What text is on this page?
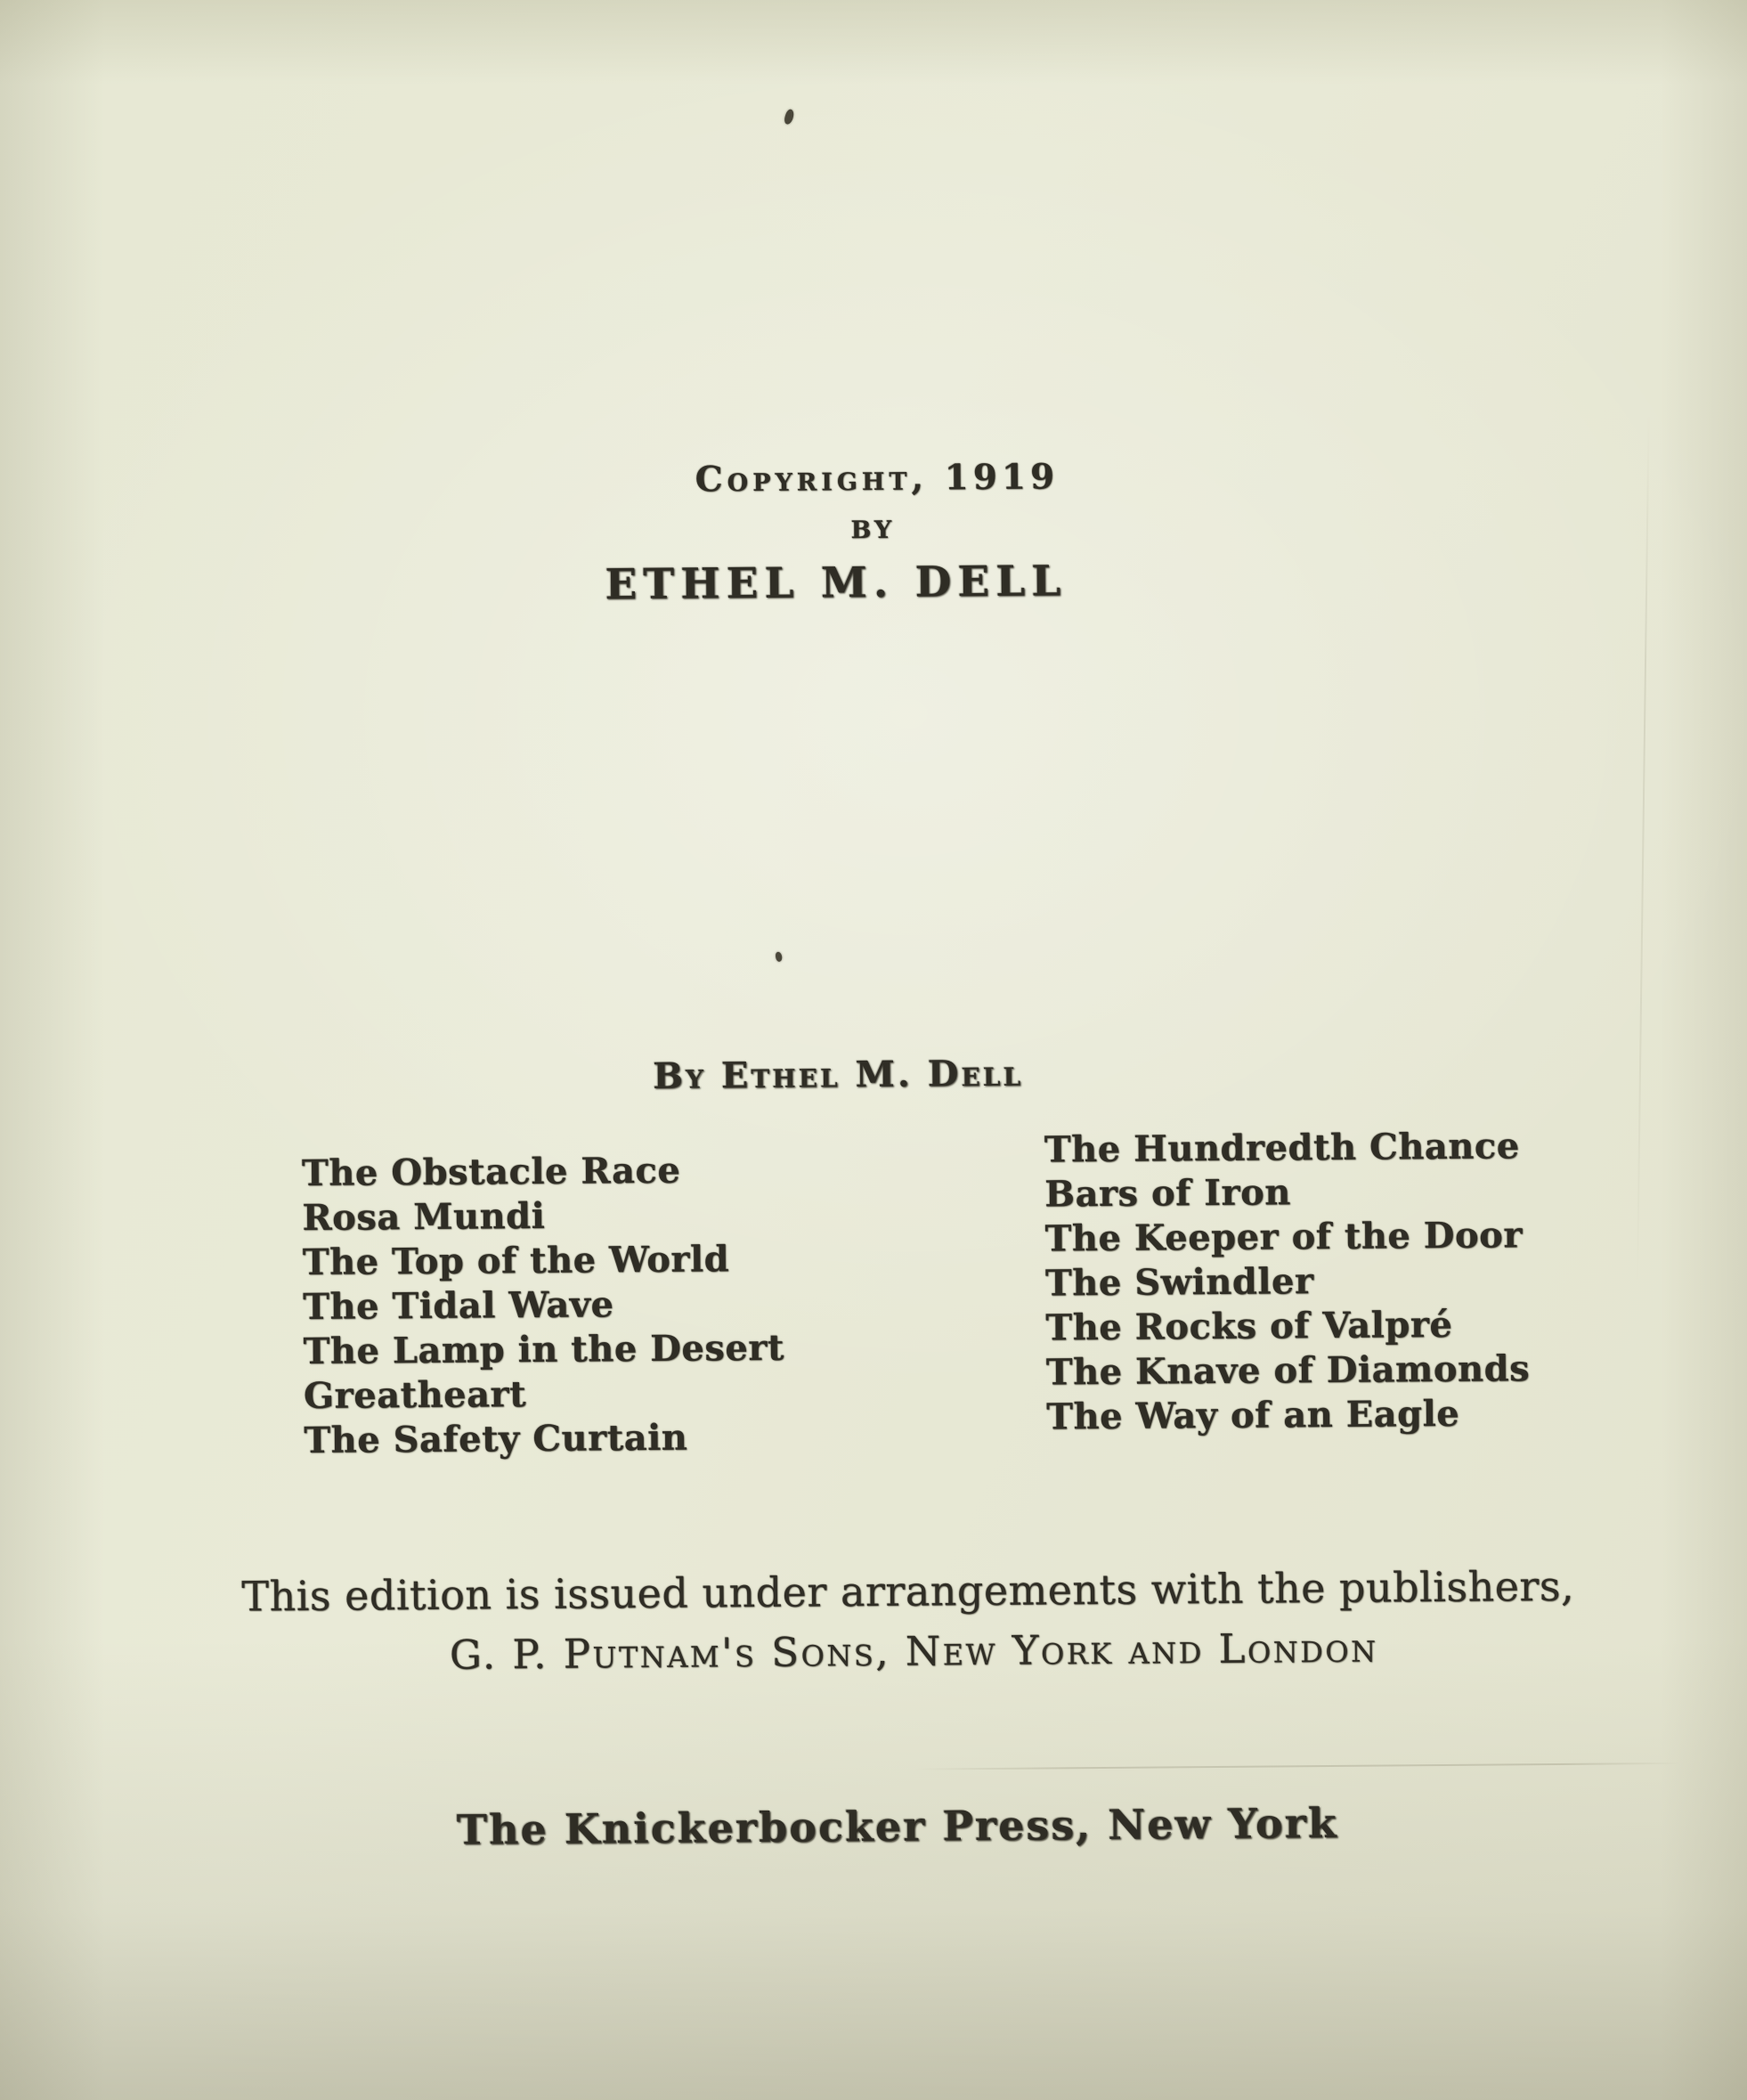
Copyright, 1919
BY
ETHEL M. DELL
By Ethel M. Dell
The Obstacle Race
Rosa Mundi
The Top of the World
The Tidal Wave
The Lamp in the Desert
Greatheart
The Safety Curtain
The Hundredth Chance
Bars of Iron
The Keeper of the Door
The Swindler
The Rocks of Valpré
The Knave of Diamonds
The Way of an Eagle
This edition is issued under arrangements with the publishers,
G. P. Putnam's Sons, New York and London
The Knickerbocker Press, New York
